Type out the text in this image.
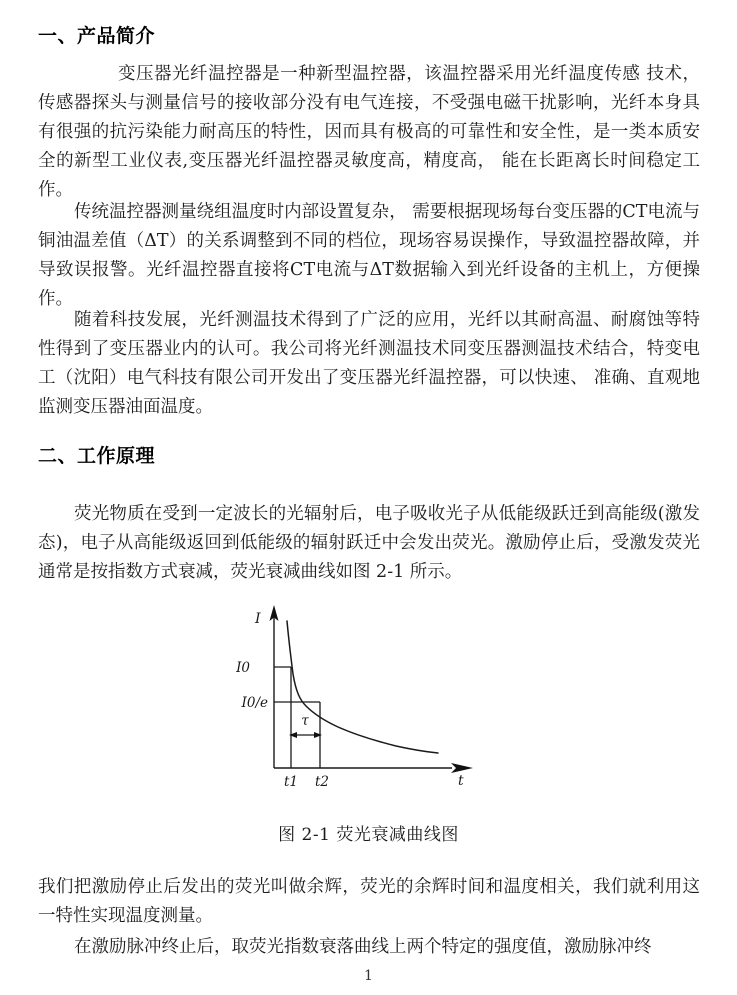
一、产品简介

变压器光纤温控器是一种新型温控器，该温控器采用光纤温度传感 技术，传感器探头与测量信号的接收部分没有电气连接，不受强电磁干扰影响，光纤本身具有很强的抗污染能力耐高压的特性，因而具有极高的可靠性和安全性，是一类本质安全的新型工业仪表,变压器光纤温控器灵敏度高，精度高， 能在长距离长时间稳定工作。

传统温控器测量绕组温度时内部设置复杂， 需要根据现场每台变压器的CT电流与铜油温差值（ΔT）的关系调整到不同的档位，现场容易误操作，导致温控器故障，并导致误报警。光纤温控器直接将CT电流与ΔT数据输入到光纤设备的主机上，方便操作。

随着科技发展，光纤测温技术得到了广泛的应用，光纤以其耐高温、耐腐蚀等特性得到了变压器业内的认可。我公司将光纤测温技术同变压器测温技术结合，特变电工（沈阳）电气科技有限公司开发出了变压器光纤温控器，可以快速、 准确、直观地监测变压器油面温度。

二、工作原理

荧光物质在受到一定波长的光辐射后，电子吸收光子从低能级跃迁到高能级(激发态)，电子从高能级返回到低能级的辐射跃迁中会发出荧光。激励停止后，受激发荧光通常是按指数方式衰减，荧光衰减曲线如图 2-1 所示。

I
t
I0
I0/e
t1 t2
τ
图 2-1 荧光衰减曲线图

我们把激励停止后发出的荧光叫做余辉，荧光的余辉时间和温度相关，我们就利用这一特性实现温度测量。

在激励脉冲终止后，取荧光指数衰落曲线上两个特定的强度值，激励脉冲终

1
